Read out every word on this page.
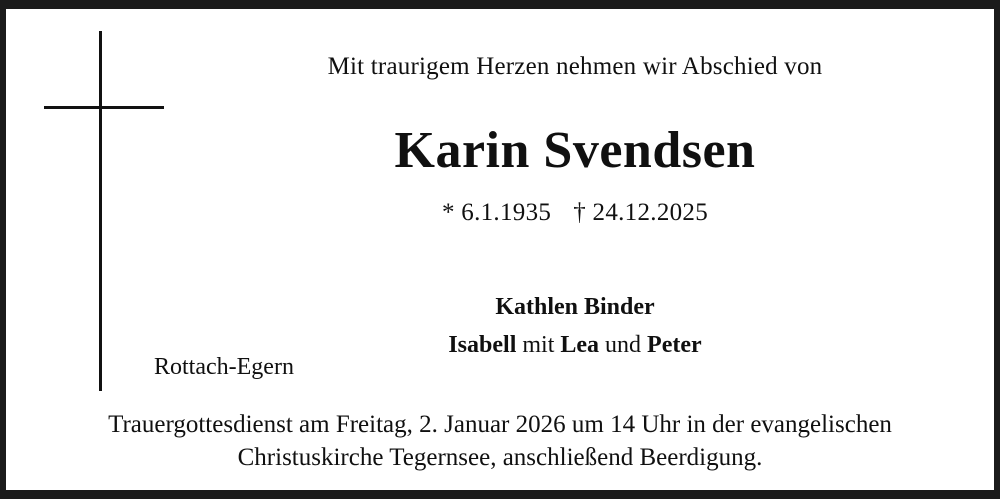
Mit traurigem Herzen nehmen wir Abschied von
Karin Svendsen
* 6.1.1935 † 24.12.2025
Kathlen Binder
Isabell mit Lea und Peter
Rottach-Egern
Trauergottesdienst am Freitag, 2. Januar 2026 um 14 Uhr in der evangelischen
Christuskirche Tegernsee, anschließend Beerdigung.
